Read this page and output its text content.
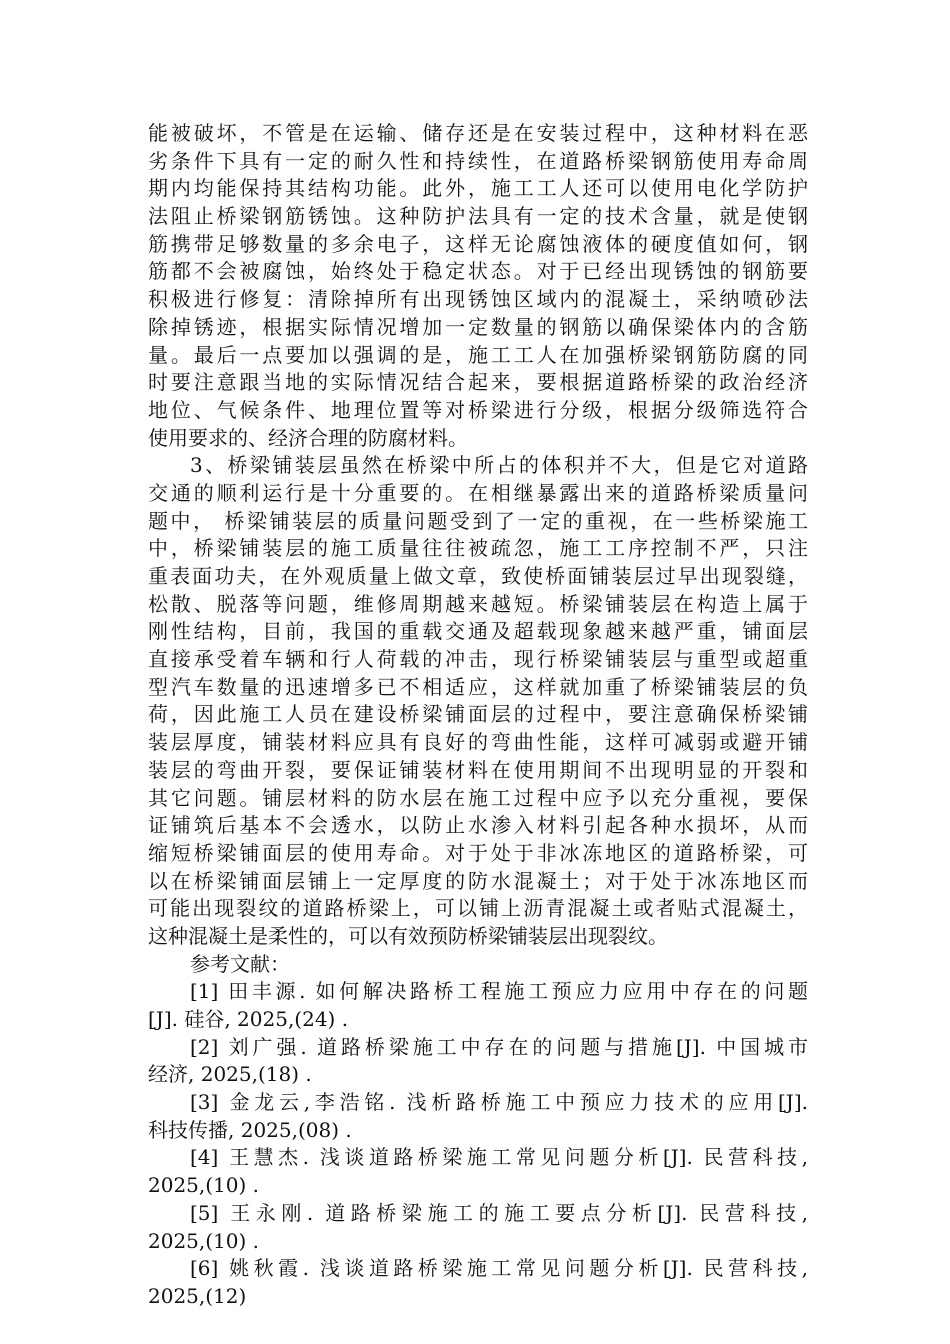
能被破坏，不管是在运输、储存还是在安装过程中，这种材料在恶
劣条件下具有一定的耐久性和持续性，在道路桥梁钢筋使用寿命周
期内均能保持其结构功能。此外，施工工人还可以使用电化学防护
法阻止桥梁钢筋锈蚀。这种防护法具有一定的技术含量，就是使钢
筋携带足够数量的多余电子，这样无论腐蚀液体的硬度值如何，钢
筋都不会被腐蚀，始终处于稳定状态。对于已经出现锈蚀的钢筋要
积极进行修复：清除掉所有出现锈蚀区域内的混凝土，采纳喷砂法
除掉锈迹，根据实际情况增加一定数量的钢筋以确保梁体内的含筋
量。最后一点要加以强调的是，施工工人在加强桥梁钢筋防腐的同
时要注意跟当地的实际情况结合起来，要根据道路桥梁的政治经济
地位、气候条件、地理位置等对桥梁进行分级，根据分级筛选符合
使用要求的、经济合理的防腐材料。
3、桥梁铺装层虽然在桥梁中所占的体积并不大，但是它对道路
交通的顺利运行是十分重要的。在相继暴露出来的道路桥梁质量问
题中， 桥梁铺装层的质量问题受到了一定的重视，在一些桥梁施工
中，桥梁铺装层的施工质量往往被疏忽，施工工序控制不严，只注
重表面功夫，在外观质量上做文章，致使桥面铺装层过早出现裂缝，
松散、脱落等问题，维修周期越来越短。桥梁铺装层在构造上属于
刚性结构，目前，我国的重载交通及超载现象越来越严重，铺面层
直接承受着车辆和行人荷载的冲击，现行桥梁铺装层与重型或超重
型汽车数量的迅速增多已不相适应，这样就加重了桥梁铺装层的负
荷，因此施工人员在建设桥梁铺面层的过程中，要注意确保桥梁铺
装层厚度，铺装材料应具有良好的弯曲性能，这样可减弱或避开铺
装层的弯曲开裂，要保证铺装材料在使用期间不出现明显的开裂和
其它问题。铺层材料的防水层在施工过程中应予以充分重视，要保
证铺筑后基本不会透水，以防止水渗入材料引起各种水损坏，从而
缩短桥梁铺面层的使用寿命。对于处于非冰冻地区的道路桥梁，可
以在桥梁铺面层铺上一定厚度的防水混凝土；对于处于冰冻地区而
可能出现裂纹的道路桥梁上，可以铺上沥青混凝土或者贴式混凝土，
这种混凝土是柔性的，可以有效预防桥梁铺装层出现裂纹。
参考文献：
[1] 田丰源. 如何解决路桥工程施工预应力应用中存在的问题
[J]. 硅谷, 2025,(24) .
[2] 刘广强. 道路桥梁施工中存在的问题与措施[J]. 中国城市
经济, 2025,(18) .
[3] 金龙云,李浩铭. 浅析路桥施工中预应力技术的应用[J].
科技传播, 2025,(08) .
[4] 王慧杰. 浅谈道路桥梁施工常见问题分析[J]. 民营科技,
2025,(10) .
[5] 王永刚. 道路桥梁施工的施工要点分析[J]. 民营科技,
2025,(10) .
[6] 姚秋霞. 浅谈道路桥梁施工常见问题分析[J]. 民营科技,
2025,(12)
